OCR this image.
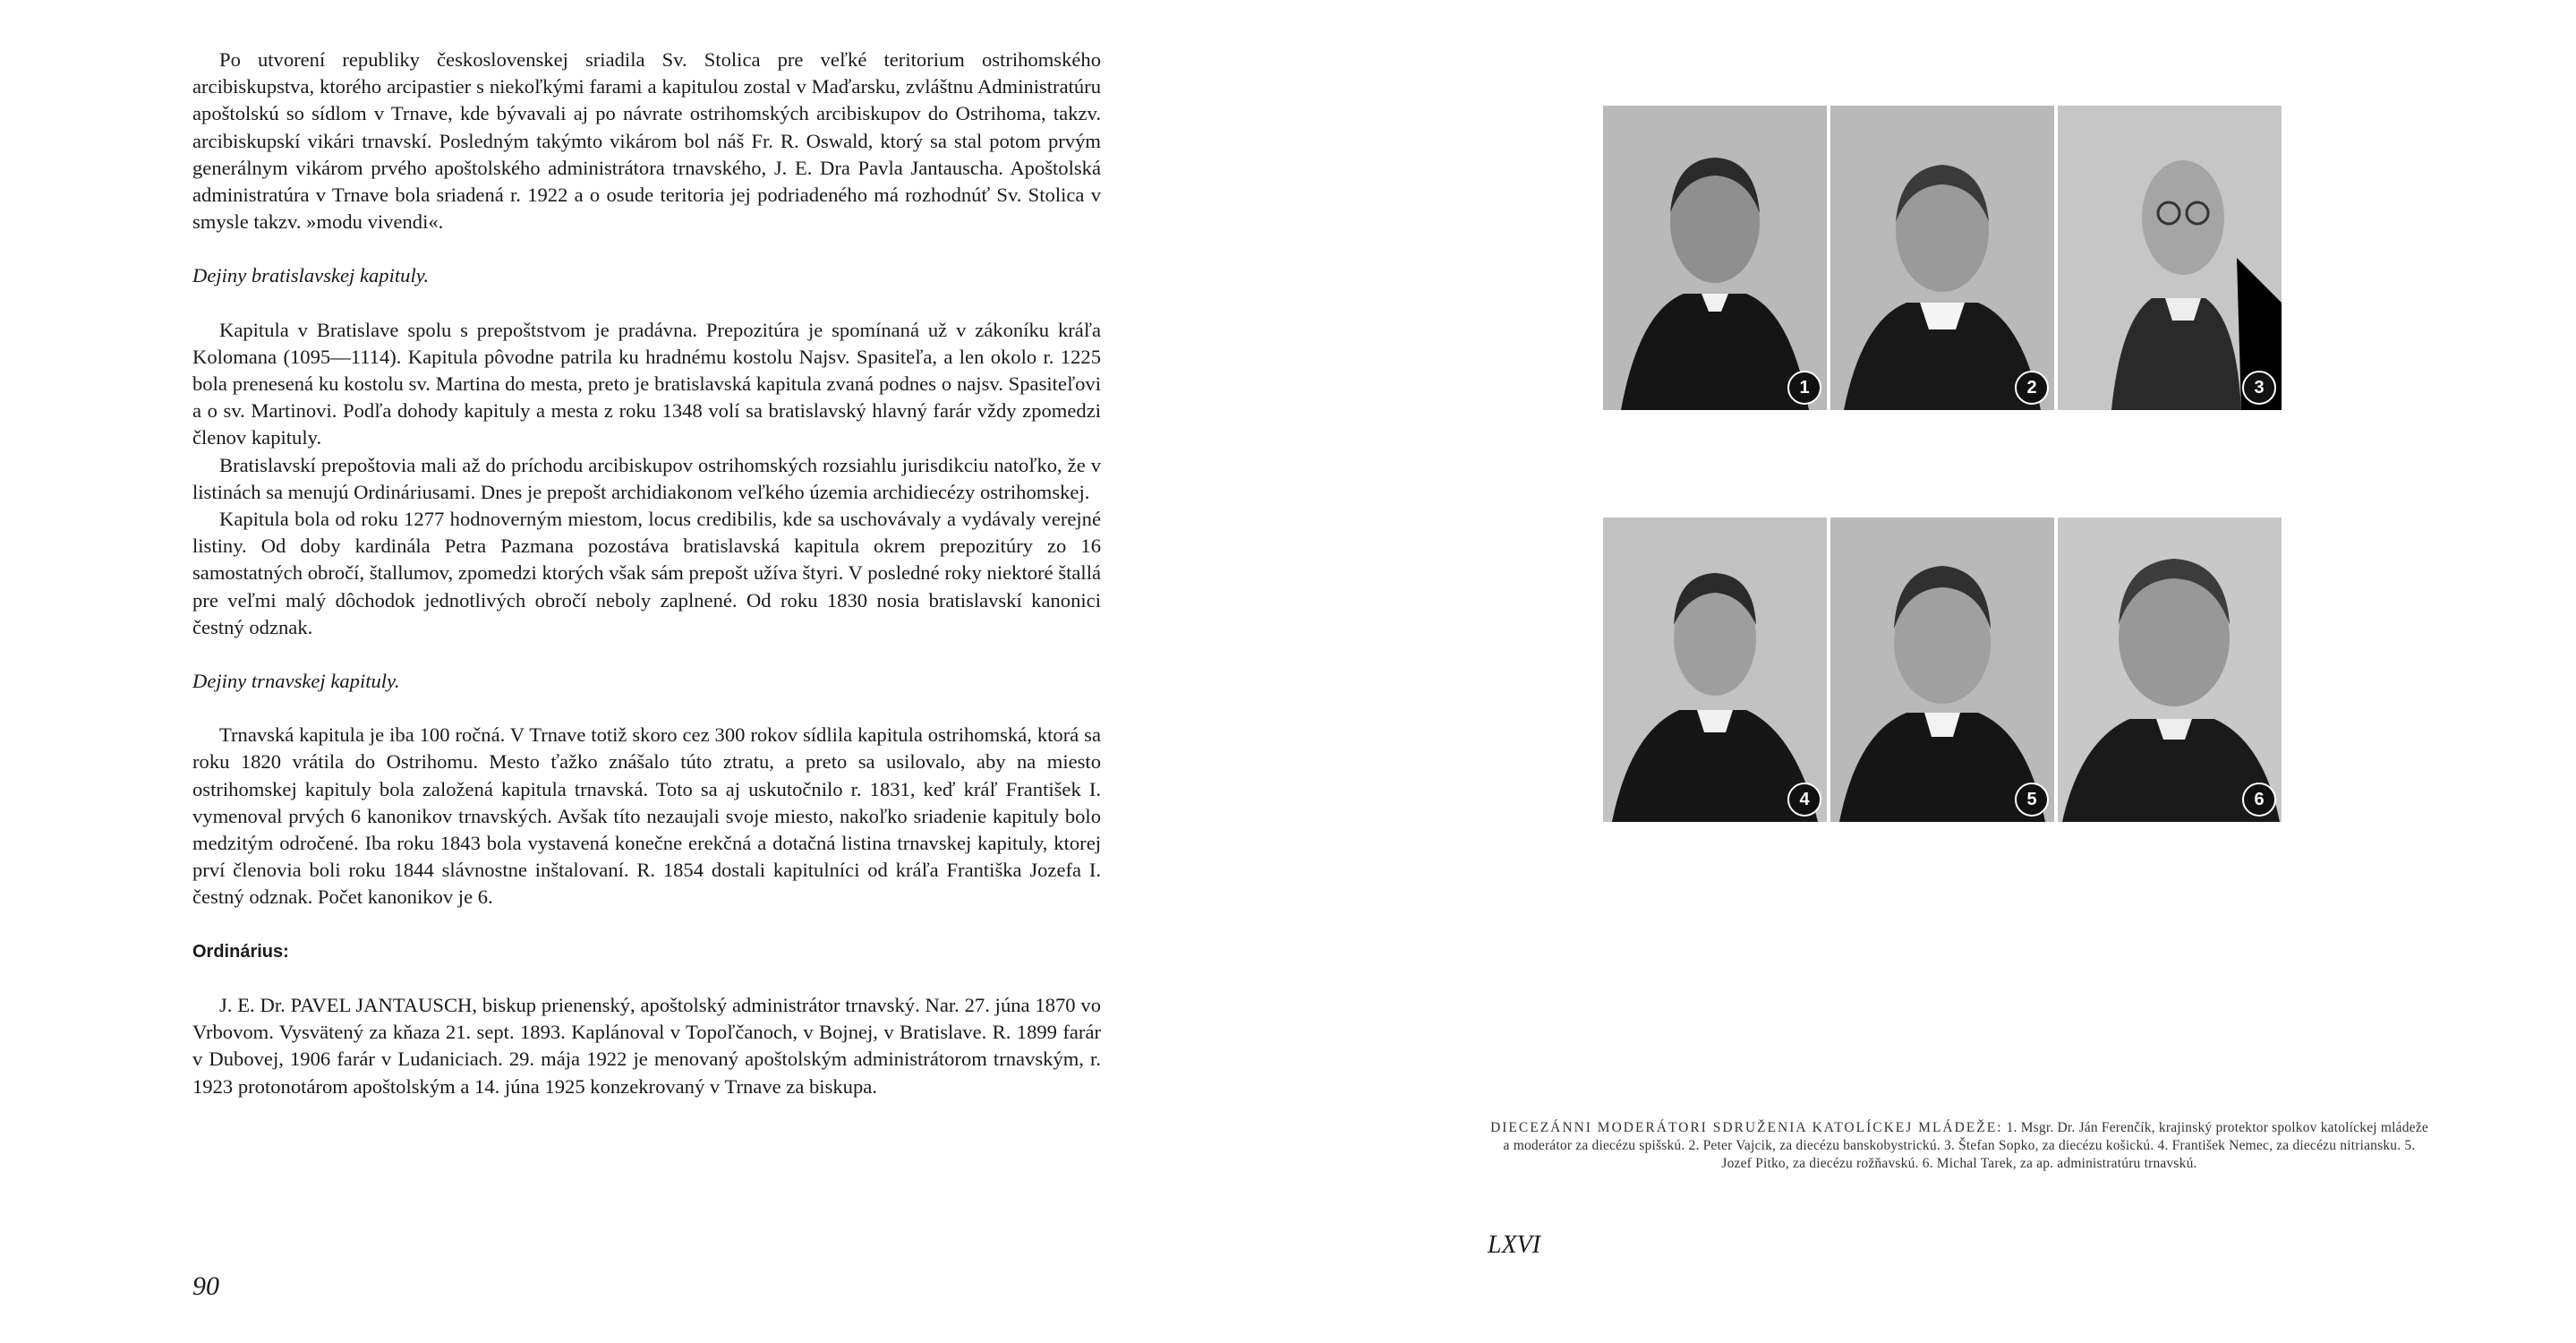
Po utvorení republiky československej sriadila Sv. Stolica pre veľké teritorium ostrihomského arcibiskupstva, ktorého arcipastier s niekoľkými farami a kapitulou zostal v Maďarsku, zvláštnu Administratúru apoštolskú so sídlom v Trnave, kde bývavali aj po návrate ostrihomských arcibiskupov do Ostrihoma, takzv. arcibiskupskí vikári trnavskí. Posledným takýmto vikárom bol náš Fr. R. Oswald, ktorý sa stal potom prvým generálnym vikárom prvého apoštolského administrátora trnavského, J. E. Dra Pavla Jantauscha. Apoštolská administratúra v Trnave bola sriadená r. 1922 a o osude teritoria jej podriadeného má rozhodnúť Sv. Stolica v smysle takzv. »modu vivendi«.

Dejiny bratislavskej kapituly.

Kapitula v Bratislave spolu s prepoštstvom je pradávna. Prepozitúra je spomínaná už v zákoníku kráľa Kolomana (1095—1114). Kapitula pôvodne patrila ku hradnému kostolu Najsv. Spasiteľa, a len okolo r. 1225 bola prenesená ku kostolu sv. Martina do mesta, preto je bratislavská kapitula zvaná podnes o najsv. Spasiteľovi a o sv. Martinovi. Podľa dohody kapituly a mesta z roku 1348 volí sa bratislavský hlavný farár vždy zpomedzi členov kapituly.

Bratislavskí prepoštovia mali až do príchodu arcibiskupov ostrihomských rozsiahlu jurisdikciu natoľko, že v listinách sa menujú Ordináriusami. Dnes je prepošt archidiakonom veľkého územia archidiecézy ostrihomskej.

Kapitula bola od roku 1277 hodnoverným miestom, locus credibilis, kde sa uschovávaly a vydávaly verejné listiny. Od doby kardinála Petra Pazmana pozostáva bratislavská kapitula okrem prepozitúry zo 16 samostatných obročí, štallumov, zpomedzi ktorých však sám prepošt užíva štyri. V posledné roky niektoré štallá pre veľmi malý dôchodok jednotlivých obročí neboly zaplnené. Od roku 1830 nosia bratislavskí kanonici čestný odznak.

Dejiny trnavskej kapituly.

Trnavská kapitula je iba 100 ročná. V Trnave totiž skoro cez 300 rokov sídlila kapitula ostrihomská, ktorá sa roku 1820 vrátila do Ostrihomu. Mesto ťažko znášalo túto ztratu, a preto sa usilovalo, aby na miesto ostrihomskej kapituly bola založená kapitula trnavská. Toto sa aj uskutočnilo r. 1831, keď kráľ František I. vymenoval prvých 6 kanonikov trnavských. Avšak títo nezaujali svoje miesto, nakoľko sriadenie kapituly bolo medzitým odročené. Iba roku 1843 bola vystavená konečne erekčná a dotačná listina trnavskej kapituly, ktorej prví členovia boli roku 1844 slávnostne inštalovaní. R. 1854 dostali kapitulníci od kráľa Františka Jozefa I. čestný odznak. Počet kanonikov je 6.

Ordinárius:

J. E. Dr. PAVEL JANTAUSCH, biskup prienenský, apoštolský administrátor trnavský. Nar. 27. júna 1870 vo Vrbovom. Vysvätený za kňaza 21. sept. 1893. Kaplánoval v Topoľčanoch, v Bojnej, v Bratislave. R. 1899 farár v Dubovej, 1906 farár v Ludaniciach. 29. mája 1922 je menovaný apoštolským administrátorom trnavským, r. 1923 protonotárom apoštolským a 14. júna 1925 konzekrovaný v Trnave za biskupa.

90
1	2	3
4	5	6
DIECEZÁNNI MODERÁTORI SDRUŽENIA KATOLÍCKEJ MLÁDEŽE: 1. Msgr. Dr. Ján Ferenčík, krajinský protektor spolkov katolíckej mládeže a moderátor za diecézu spišskú. 2. Peter Vajcik, za diecézu banskobystrickú. 3. Štefan Sopko, za diecézu košickú. 4. František Nemec, za diecézu nitriansku. 5. Jozef Pitko, za diecézu rožňavskú. 6. Michal Tarek, za ap. administratúru trnavskú.
LXVI
